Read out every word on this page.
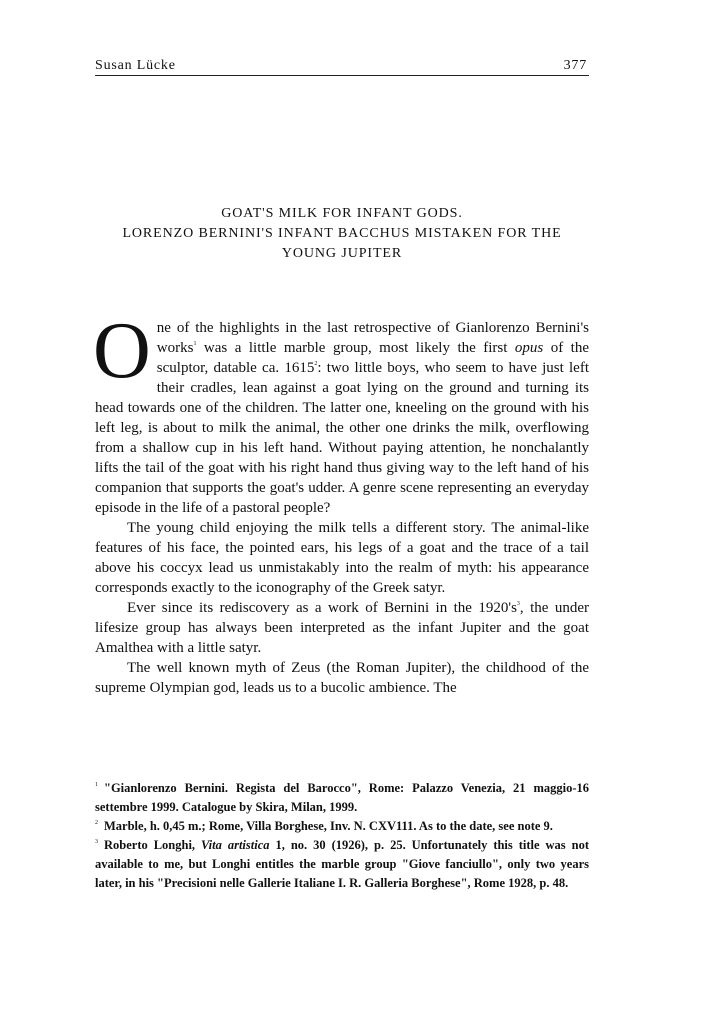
Susan Lücke	377
GOAT'S MILK FOR INFANT GODS.
LORENZO BERNINI'S INFANT BACCHUS MISTAKEN FOR THE
YOUNG JUPITER

One of the highlights in the last retrospective of Gianlorenzo Bernini's works$^1$ was a little marble group, most likely the first opus of the sculptor, datable ca. 1615$^2$: two little boys, who seem to have just left their cradles, lean against a goat lying on the ground and turning its head towards one of the children. The latter one, kneeling on the ground with his left leg, is about to milk the animal, the other one drinks the milk, overflowing from a shallow cup in his left hand. Without paying attention, he nonchalantly lifts the tail of the goat with his right hand thus giving way to the left hand of his companion that supports the goat's udder. A genre scene representing an everyday episode in the life of a pastoral people?

The young child enjoying the milk tells a different story. The animal-like features of his face, the pointed ears, his legs of a goat and the trace of a tail above his coccyx lead us unmistakably into the realm of myth: his appearance corresponds exactly to the iconography of the Greek satyr.

Ever since its rediscovery as a work of Bernini in the $1920's^3$, the under lifesize group has always been interpreted as the infant Jupiter and the goat Amalthea with a little satyr.

The well known myth of Zeus (the Roman Jupiter), the childhood of the supreme Olympian god, leads us to a bucolic ambience. The

$^1$ "Gianlorenzo Bernini. Regista del Barocco", Rome: Palazzo Venezia, 21 maggio-16 settembre 1999. Catalogue by Skira, Milan, 1999.

$^2$ Marble, h. 0,45 m.; Rome, Villa Borghese, Inv. N. CXV111. As to the date, see note 9.

$^3$ Roberto Longhi, Vita artistica 1, no. 30 (1926), p. 25. Unfortunately this title was not available to me, but Longhi entitles the marble group "Giove fanciullo", only two years later, in his "Precisioni nelle Gallerie Italiane I. R. Galleria Borghese", Rome 1928, p. 48.
